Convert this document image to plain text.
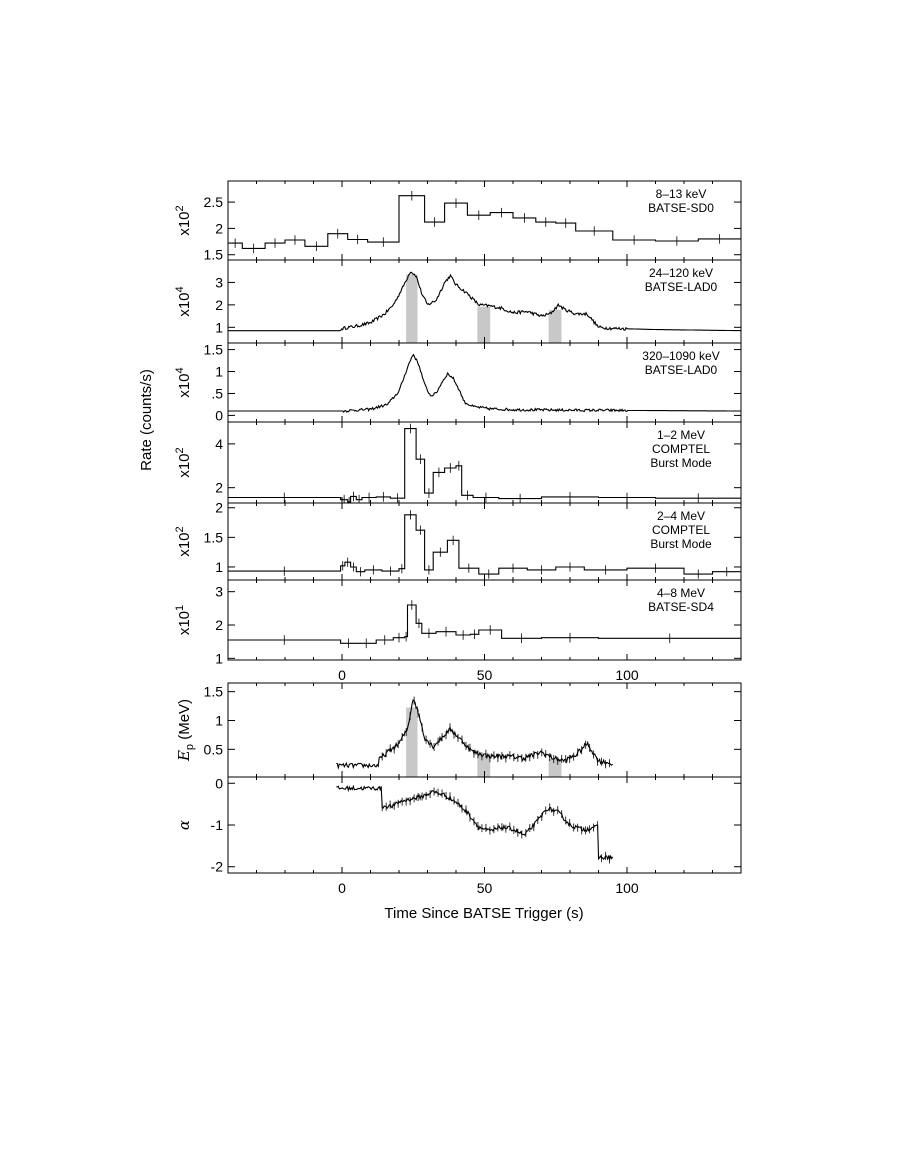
1.5
2
2.5
8–13 keV
BATSE-SD0
$x10^2$
1
2
3
24–120 keV
BATSE-LAD0
$x10^4$
0
.5
1
1.5	320–1090 keV
BATSE-LAD0
$x10^4$
2
4
1–2 MeV
COMPTEL
Burst Mode
$x10^2$
1
1.5
2
2–4 MeV
COMPTEL
Burst Mode
$x10^2$
1
2
3	4–8 MeV
BATSE-SD4
$x10^1$
0	50	100
0.5
1
1.5
$E_p$ (MeV)
-2
-1
0
α
0	50	100
Rate (counts/s)
Time Since BATSE Trigger (s)
